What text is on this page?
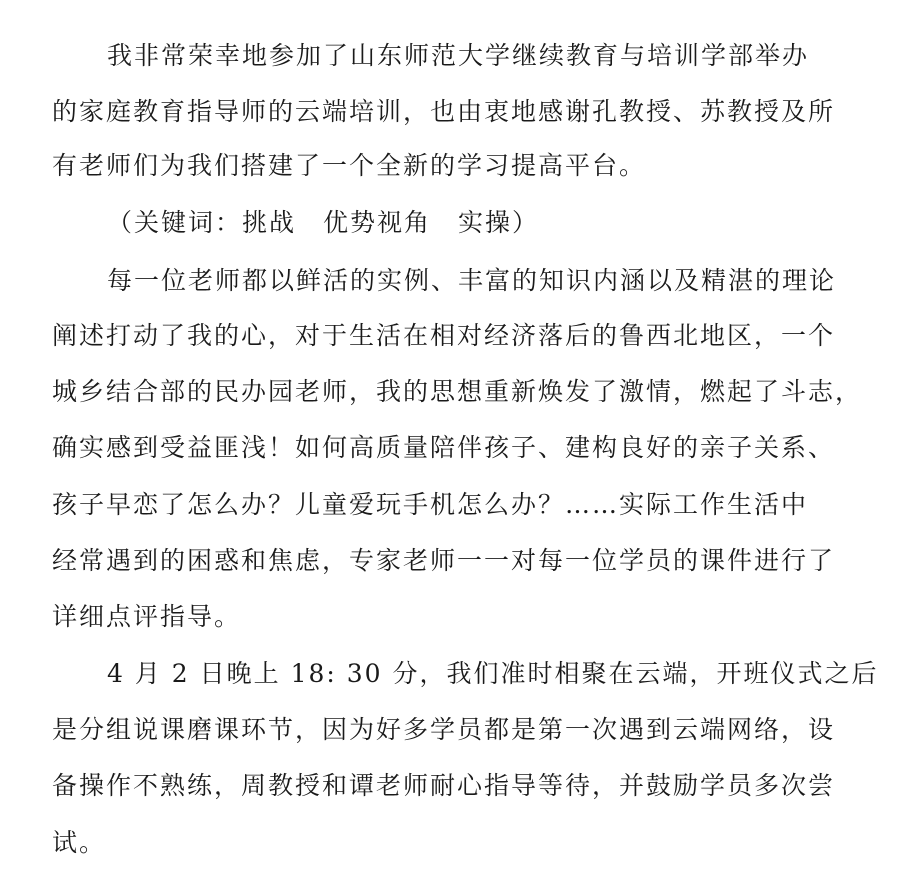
我非常荣幸地参加了山东师范大学继续教育与培训学部举办
的家庭教育指导师的云端培训，也由衷地感谢孔教授、苏教授及所
有老师们为我们搭建了一个全新的学习提高平台。
（关键词：挑战　优势视角　实操）
每一位老师都以鲜活的实例、丰富的知识内涵以及精湛的理论
阐述打动了我的心，对于生活在相对经济落后的鲁西北地区，一个
城乡结合部的民办园老师，我的思想重新焕发了激情，燃起了斗志，
确实感到受益匪浅！如何高质量陪伴孩子、建构良好的亲子关系、
孩子早恋了怎么办？儿童爱玩手机怎么办？……实际工作生活中
经常遇到的困惑和焦虑，专家老师一一对每一位学员的课件进行了
详细点评指导。
4 月 2 日晚上 18: 30 分，我们准时相聚在云端，开班仪式之后
是分组说课磨课环节，因为好多学员都是第一次遇到云端网络，设
备操作不熟练，周教授和谭老师耐心指导等待，并鼓励学员多次尝
试。
